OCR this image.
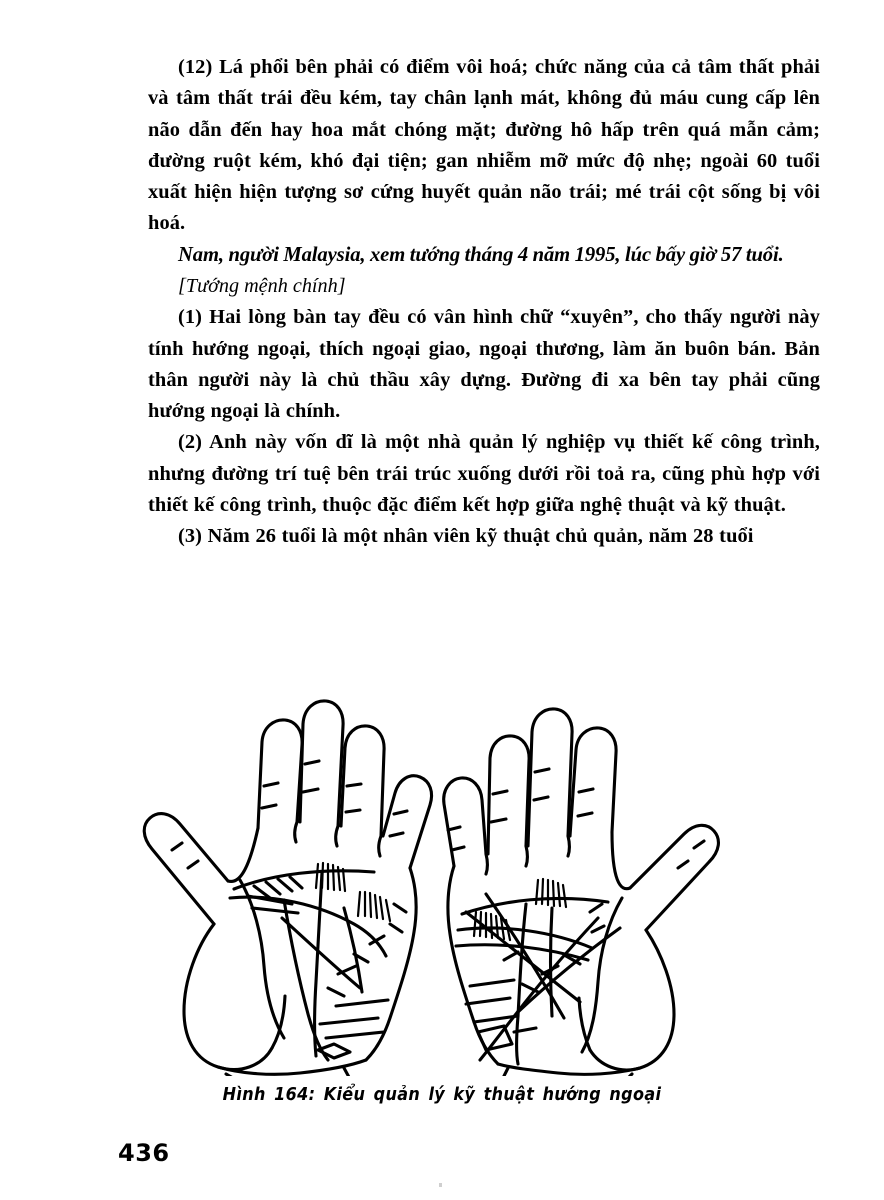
(12) Lá phổi bên phải có điểm vôi hoá; chức năng của cả tâm thất phải và tâm thất trái đều kém, tay chân lạnh mát, không đủ máu cung cấp lên não dẫn đến hay hoa mắt chóng mặt; đường hô hấp trên quá mẫn cảm; đường ruột kém, khó đại tiện; gan nhiễm mỡ mức độ nhẹ; ngoài 60 tuổi xuất hiện hiện tượng sơ cứng huyết quản não trái; mé trái cột sống bị vôi hoá.

Nam, người Malaysia, xem tướng tháng 4 năm 1995, lúc bấy giờ 57 tuổi.

[Tướng mệnh chính]

(1) Hai lòng bàn tay đều có vân hình chữ “xuyên”, cho thấy người này tính hướng ngoại, thích ngoại giao, ngoại thương, làm ăn buôn bán. Bản thân người này là chủ thầu xây dựng. Đường đi xa bên tay phải cũng hướng ngoại là chính.

(2) Anh này vốn dĩ là một nhà quản lý nghiệp vụ thiết kế công trình, nhưng đường trí tuệ bên trái trúc xuống dưới rồi toả ra, cũng phù hợp với thiết kế công trình, thuộc đặc điểm kết hợp giữa nghệ thuật và kỹ thuật.

(3) Năm 26 tuổi là một nhân viên kỹ thuật chủ quản, năm 28 tuổi

Hình 164: Kiểu quản lý kỹ thuật hướng ngoại
436
